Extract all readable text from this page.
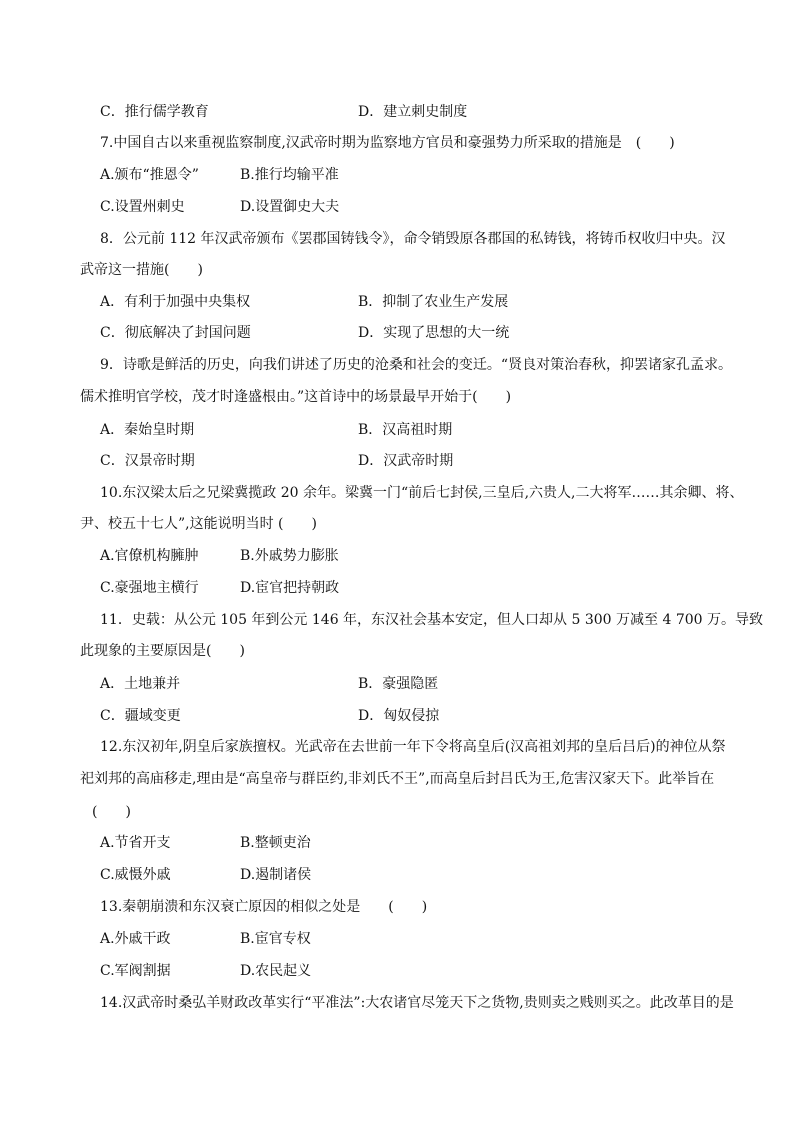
C．推行儒学教育	D．建立刺史制度
7.中国自古以来重视监察制度,汉武帝时期为监察地方官员和豪强势力所采取的措施是　(　　)
A.颁布“推恩令”	B.推行均输平准
C.设置州刺史	D.设置御史大夫
8．公元前 112 年汉武帝颁布《罢郡国铸钱令》，命令销毁原各郡国的私铸钱，将铸币权收归中央。汉
武帝这一措施(　　)
A．有利于加强中央集权	B．抑制了农业生产发展
C．彻底解决了封国问题	D．实现了思想的大一统
9．诗歌是鲜活的历史，向我们讲述了历史的沧桑和社会的变迁。“贤良对策治春秋，抑罢诸家孔孟求。
儒术推明官学校，茂才时逢盛根由。”这首诗中的场景最早开始于(　　)
A．秦始皇时期	B．汉高祖时期
C．汉景帝时期	D．汉武帝时期
10.东汉梁太后之兄梁冀揽政 20 余年。梁冀一门“前后七封侯,三皇后,六贵人,二大将军……其余卿、将、
尹、校五十七人”,这能说明当时 (　　)
A.官僚机构臃肿	B.外戚势力膨胀
C.豪强地主横行	D.宦官把持朝政
11．史载：从公元 105 年到公元 146 年，东汉社会基本安定，但人口却从 5 300 万减至 4 700 万。导致
此现象的主要原因是(　　)
A．土地兼并	B．豪强隐匿
C．疆域变更	D．匈奴侵掠
12.东汉初年,阴皇后家族擅权。光武帝在去世前一年下令将高皇后(汉高祖刘邦的皇后吕后)的神位从祭
祀刘邦的高庙移走,理由是“高皇帝与群臣约,非刘氏不王”,而高皇后封吕氏为王,危害汉家天下。此举旨在
(　　)
A.节省开支	B.整顿吏治
C.威慑外戚	D.遏制诸侯
13.秦朝崩溃和东汉衰亡原因的相似之处是　　(　　)
A.外戚干政	B.宦官专权
C.军阀割据	D.农民起义
14.汉武帝时桑弘羊财政改革实行“平准法”:大农诸官尽笼天下之货物,贵则卖之贱则买之。此改革目的是
